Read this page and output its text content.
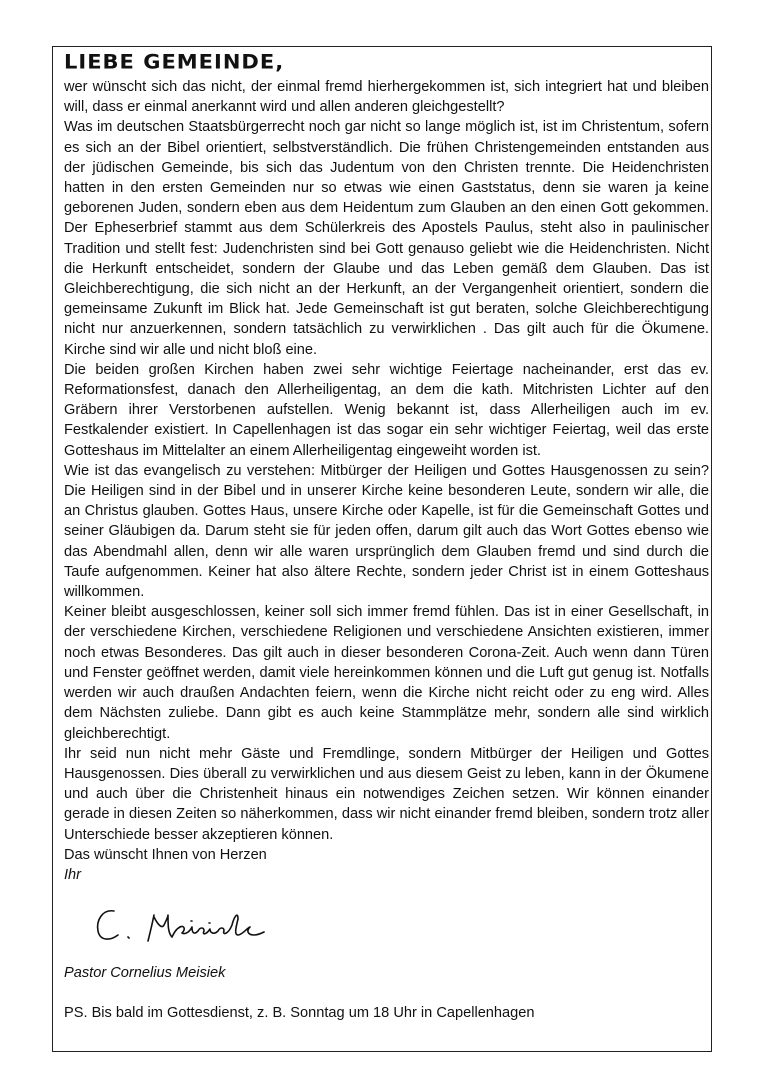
LIEBE GEMEINDE,

wer wünscht sich das nicht, der einmal fremd hierhergekommen ist, sich integriert hat und bleiben will, dass er einmal anerkannt wird und allen anderen gleichgestellt?

Was im deutschen Staatsbürgerrecht noch gar nicht so lange möglich ist, ist im Christentum, sofern es sich an der Bibel orientiert, selbstverständlich. Die frühen Christengemeinden entstanden aus der jüdischen Gemeinde, bis sich das Judentum von den Christen trennte. Die Heidenchristen hatten in den ersten Gemeinden nur so etwas wie einen Gaststatus, denn sie waren ja keine geborenen Juden, sondern eben aus dem Heidentum zum Glauben an den einen Gott gekommen. Der Epheserbrief stammt aus dem Schülerkreis des Apostels Paulus, steht also in paulinischer Tradition und stellt fest: Judenchristen sind bei Gott genauso geliebt wie die Heidenchristen. Nicht die Herkunft entscheidet, sondern der Glaube und das Leben gemäß dem Glauben. Das ist Gleichberechtigung, die sich nicht an der Herkunft, an der Vergangenheit orientiert, sondern die gemeinsame Zukunft im Blick hat. Jede Gemeinschaft ist gut beraten, solche Gleichberechtigung nicht nur anzuerkennen, sondern tatsächlich zu verwirklichen . Das gilt auch für die Ökumene. Kirche sind wir alle und nicht bloß eine.

Die beiden großen Kirchen haben zwei sehr wichtige Feiertage nacheinander, erst das ev. Reformationsfest, danach den Allerheiligentag, an dem die kath. Mitchristen Lichter auf den Gräbern ihrer Verstorbenen aufstellen. Wenig bekannt ist, dass Allerheiligen auch im ev. Festkalender existiert. In Capellenhagen ist das sogar ein sehr wichtiger Feiertag, weil das erste Gotteshaus im Mittelalter an einem Allerheiligentag eingeweiht worden ist.

Wie ist das evangelisch zu verstehen: Mitbürger der Heiligen und Gottes Hausgenossen zu sein? Die Heiligen sind in der Bibel und in unserer Kirche keine besonderen Leute, sondern wir alle, die an Christus glauben. Gottes Haus, unsere Kirche oder Kapelle, ist für die Gemeinschaft Gottes und seiner Gläubigen da. Darum steht sie für jeden offen, darum gilt auch das Wort Gottes ebenso wie das Abendmahl allen, denn wir alle waren ursprünglich dem Glauben fremd und sind durch die Taufe aufgenommen. Keiner hat also ältere Rechte, sondern jeder Christ ist in einem Gotteshaus willkommen.

Keiner bleibt ausgeschlossen, keiner soll sich immer fremd fühlen. Das ist in einer Gesellschaft, in der verschiedene Kirchen, verschiedene Religionen und verschiedene Ansichten existieren, immer noch etwas Besonderes. Das gilt auch in dieser besonderen Corona-Zeit. Auch wenn dann Türen und Fenster geöffnet werden, damit viele hereinkommen können und die Luft gut genug ist. Notfalls werden wir auch draußen Andachten feiern, wenn die Kirche nicht reicht oder zu eng wird. Alles dem Nächsten zuliebe. Dann gibt es auch keine Stammplätze mehr, sondern alle sind wirklich gleichberechtigt.

Ihr seid nun nicht mehr Gäste und Fremdlinge, sondern Mitbürger der Heiligen und Gottes Hausgenossen. Dies überall zu verwirklichen und aus diesem Geist zu leben, kann in der Ökumene und auch über die Christenheit hinaus ein notwendiges Zeichen setzen. Wir können einander gerade in diesen Zeiten so näherkommen, dass wir nicht einander fremd bleiben, sondern trotz aller Unterschiede besser akzeptieren können.

Das wünscht Ihnen von Herzen

Ihr

Pastor Cornelius Meisiek

PS. Bis bald im Gottesdienst, z. B. Sonntag um 18 Uhr in Capellenhagen
